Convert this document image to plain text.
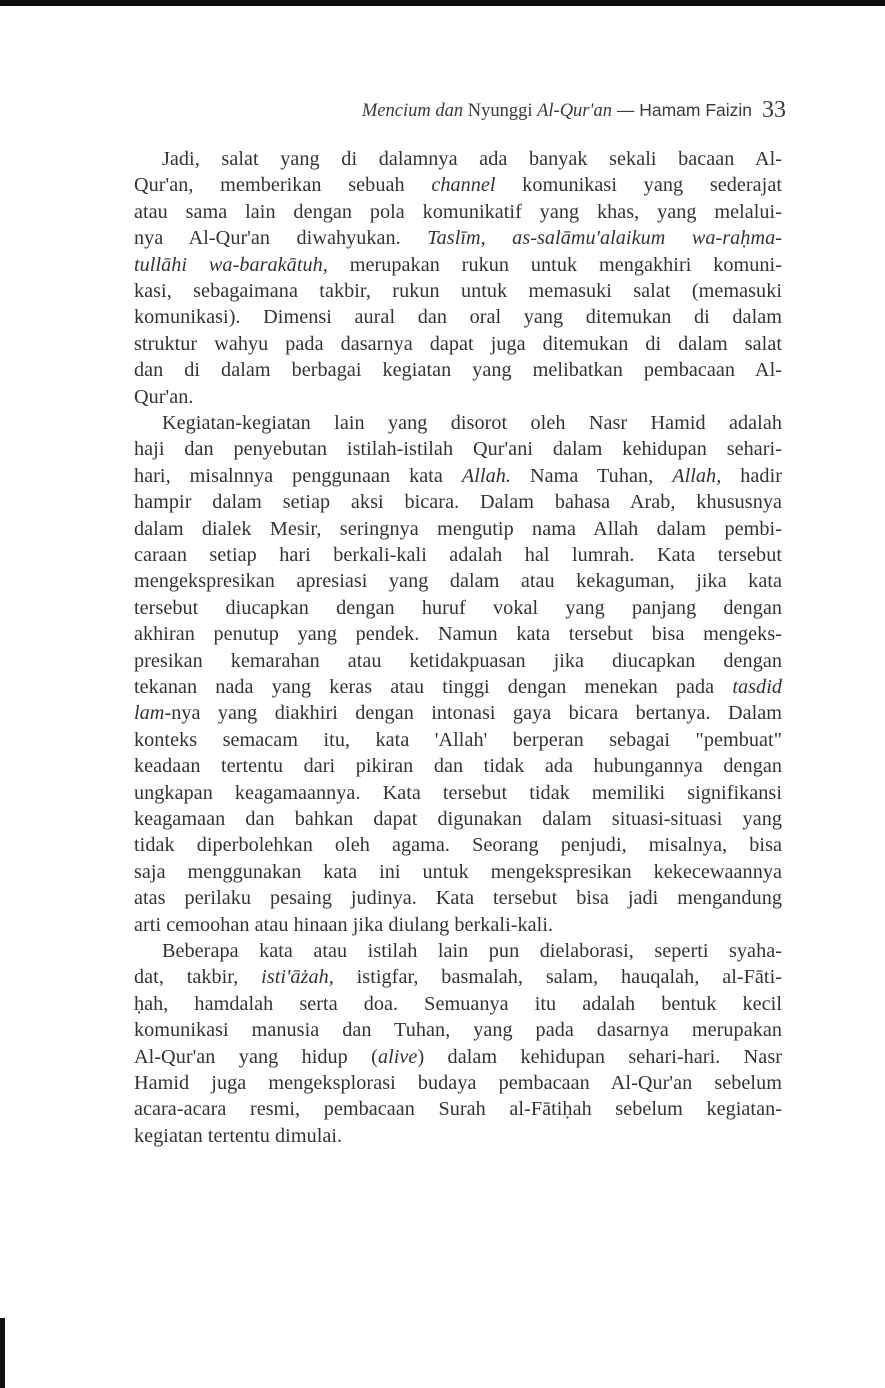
Mencium dan Nyunggi Al-Qur'an — Hamam Faizin 33
Jadi, salat yang di dalamnya ada banyak sekali bacaan Al-
Qur'an, memberikan sebuah channel komunikasi yang sederajat
atau sama lain dengan pola komunikatif yang khas, yang melalui-
nya Al-Qur'an diwahyukan. Taslīm, as-salāmu'alaikum wa-raḥma-
tullāhi wa-barakātuh, merupakan rukun untuk mengakhiri komuni-
kasi, sebagaimana takbir, rukun untuk memasuki salat (memasuki
komunikasi). Dimensi aural dan oral yang ditemukan di dalam
struktur wahyu pada dasarnya dapat juga ditemukan di dalam salat
dan di dalam berbagai kegiatan yang melibatkan pembacaan Al-
Qur'an.
Kegiatan-kegiatan lain yang disorot oleh Nasr Hamid adalah
haji dan penyebutan istilah-istilah Qur'ani dalam kehidupan sehari-
hari, misalnnya penggunaan kata Allah. Nama Tuhan, Allah, hadir
hampir dalam setiap aksi bicara. Dalam bahasa Arab, khususnya
dalam dialek Mesir, seringnya mengutip nama Allah dalam pembi-
caraan setiap hari berkali-kali adalah hal lumrah. Kata tersebut
mengekspresikan apresiasi yang dalam atau kekaguman, jika kata
tersebut diucapkan dengan huruf vokal yang panjang dengan
akhiran penutup yang pendek. Namun kata tersebut bisa mengeks-
presikan kemarahan atau ketidakpuasan jika diucapkan dengan
tekanan nada yang keras atau tinggi dengan menekan pada tasdid
lam-nya yang diakhiri dengan intonasi gaya bicara bertanya. Dalam
konteks semacam itu, kata 'Allah' berperan sebagai "pembuat"
keadaan tertentu dari pikiran dan tidak ada hubungannya dengan
ungkapan keagamaannya. Kata tersebut tidak memiliki signifikansi
keagamaan dan bahkan dapat digunakan dalam situasi-situasi yang
tidak diperbolehkan oleh agama. Seorang penjudi, misalnya, bisa
saja menggunakan kata ini untuk mengekspresikan kekecewaannya
atas perilaku pesaing judinya. Kata tersebut bisa jadi mengandung
arti cemoohan atau hinaan jika diulang berkali-kali.
Beberapa kata atau istilah lain pun dielaborasi, seperti syaha-
dat, takbir, isti'āżah, istigfar, basmalah, salam, hauqalah, al-Fāti-
ḥah, hamdalah serta doa. Semuanya itu adalah bentuk kecil
komunikasi manusia dan Tuhan, yang pada dasarnya merupakan
Al-Qur'an yang hidup (alive) dalam kehidupan sehari-hari. Nasr
Hamid juga mengeksplorasi budaya pembacaan Al-Qur'an sebelum
acara-acara resmi, pembacaan Surah al-Fātiḥah sebelum kegiatan-
kegiatan tertentu dimulai.
